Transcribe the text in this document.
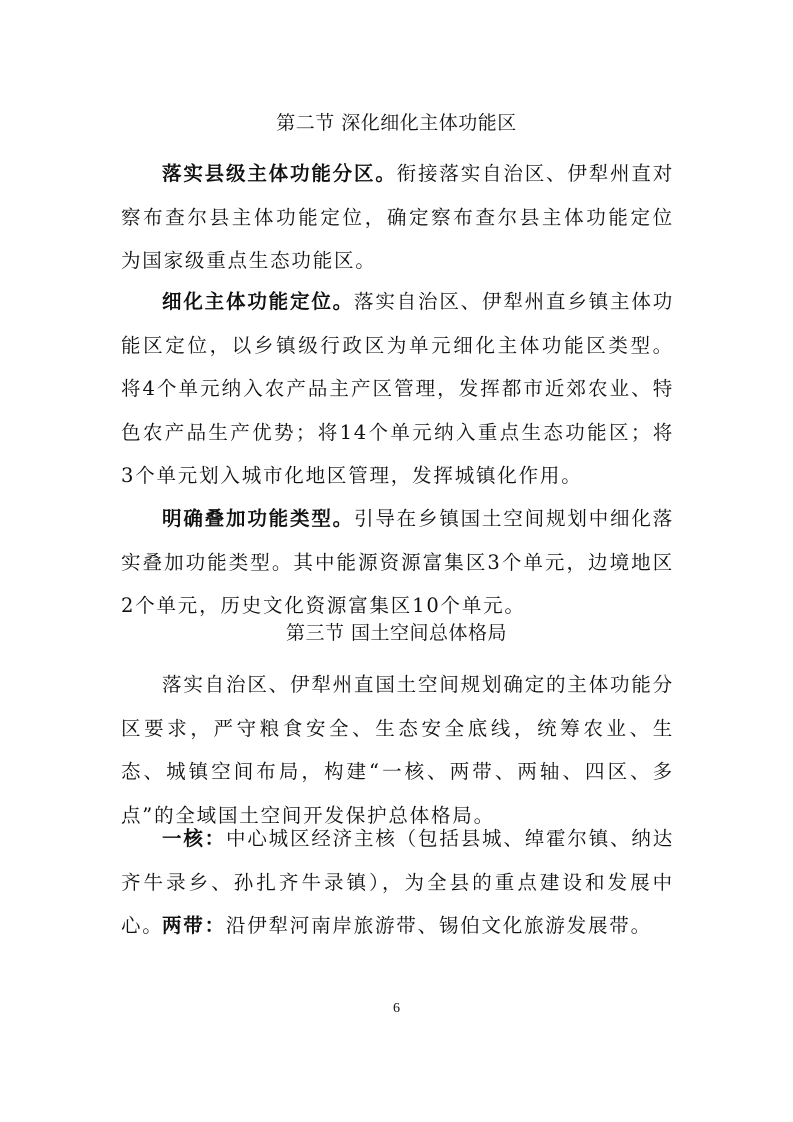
第二节 深化细化主体功能区

落实县级主体功能分区。衔接落实自治区、伊犁州直对察布查尔县主体功能定位，确定察布查尔县主体功能定位为国家级重点生态功能区。

细化主体功能定位。落实自治区、伊犁州直乡镇主体功能区定位，以乡镇级行政区为单元细化主体功能区类型。将4个单元纳入农产品主产区管理，发挥都市近郊农业、特色农产品生产优势；将14个单元纳入重点生态功能区；将3个单元划入城市化地区管理，发挥城镇化作用。

明确叠加功能类型。引导在乡镇国土空间规划中细化落实叠加功能类型。其中能源资源富集区3个单元，边境地区2个单元，历史文化资源富集区10个单元。

第三节 国土空间总体格局

落实自治区、伊犁州直国土空间规划确定的主体功能分区要求，严守粮食安全、生态安全底线，统筹农业、生态、城镇空间布局，构建“一核、两带、两轴、四区、多点”的全域国土空间开发保护总体格局。

一核：中心城区经济主核（包括县城、绰霍尔镇、纳达齐牛录乡、孙扎齐牛录镇），为全县的重点建设和发展中心。

两带：沿伊犁河南岸旅游带、锡伯文化旅游发展带。

6
